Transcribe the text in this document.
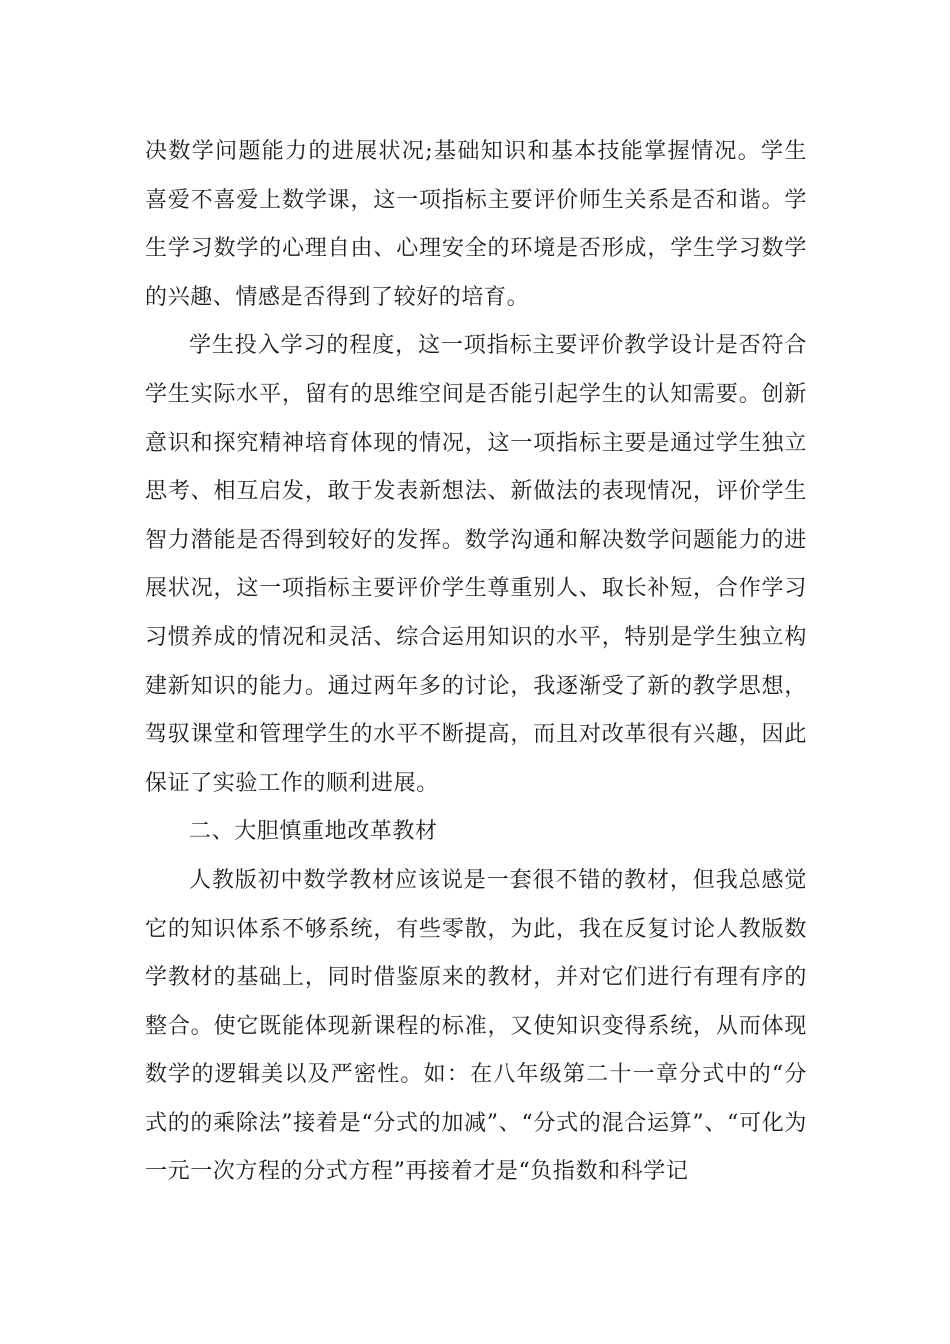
决数学问题能力的进展状况;基础知识和基本技能掌握情况。学生喜爱不喜爱上数学课，这一项指标主要评价师生关系是否和谐。学生学习数学的心理自由、心理安全的环境是否形成，学生学习数学的兴趣、情感是否得到了较好的培育。

学生投入学习的程度，这一项指标主要评价教学设计是否符合学生实际水平，留有的思维空间是否能引起学生的认知需要。创新意识和探究精神培育体现的情况，这一项指标主要是通过学生独立思考、相互启发，敢于发表新想法、新做法的表现情况，评价学生智力潜能是否得到较好的发挥。数学沟通和解决数学问题能力的进展状况，这一项指标主要评价学生尊重别人、取长补短，合作学习习惯养成的情况和灵活、综合运用知识的水平，特别是学生独立构建新知识的能力。通过两年多的讨论，我逐渐受了新的教学思想，驾驭课堂和管理学生的水平不断提高，而且对改革很有兴趣，因此保证了实验工作的顺利进展。

二、大胆慎重地改革教材

人教版初中数学教材应该说是一套很不错的教材，但我总感觉它的知识体系不够系统，有些零散，为此，我在反复讨论人教版数学教材的基础上，同时借鉴原来的教材，并对它们进行有理有序的整合。使它既能体现新课程的标准，又使知识变得系统，从而体现数学的逻辑美以及严密性。如：在八年级第二十一章分式中的“分式的的乘除法”接着是“分式的加减”、“分式的混合运算”、“可化为一元一次方程的分式方程”再接着才是“负指数和科学记
